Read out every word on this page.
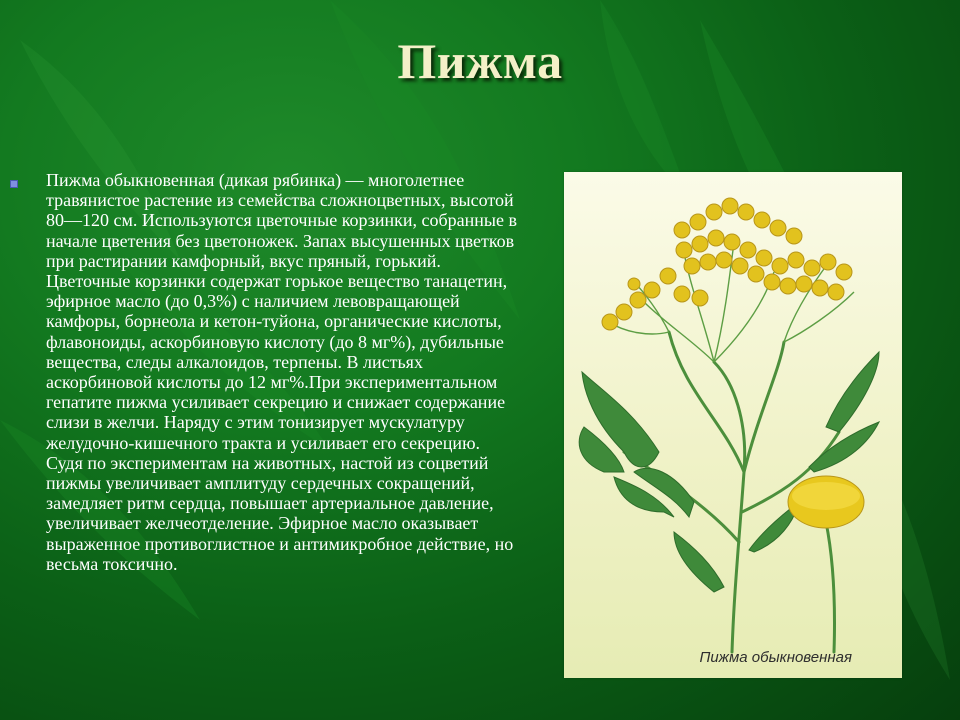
Пижма

Пижма обыкновенная (дикая рябинка) — многолетнее травянистое растение из семейства сложноцветных, высотой 80—120 см. Используются цветочные корзинки, собранные в начале цветения без цветоножек. Запах высушенных цветков при растирании камфорный, вкус пряный, горький. Цветочные корзинки содержат горькое вещество танацетин, эфирное масло (до 0,3%) с наличием левовращающей камфоры, борнеола и кетон-туйона, органические кислоты, флавоноиды, аскорбиновую кислоту (до 8 мг%), дубильные вещества, следы алкалоидов, терпены. В листьях аскорбиновой кислоты до 12 мг%.При экспериментальном гепатите пижма усиливает секрецию и снижает содержание слизи в желчи. Наряду с этим тонизирует мускулатуру желудочно-кишечного тракта и усиливает его секрецию. Судя по экспериментам на животных, настой из соцветий пижмы увеличивает амплитуду сердечных сокращений, замедляет ритм сердца, повышает артериальное давление, увеличивает желчеотделение. Эфирное масло оказывает выраженное противоглистное и антимикробное действие, но весьма токсично.

Пижма обыкновенная
